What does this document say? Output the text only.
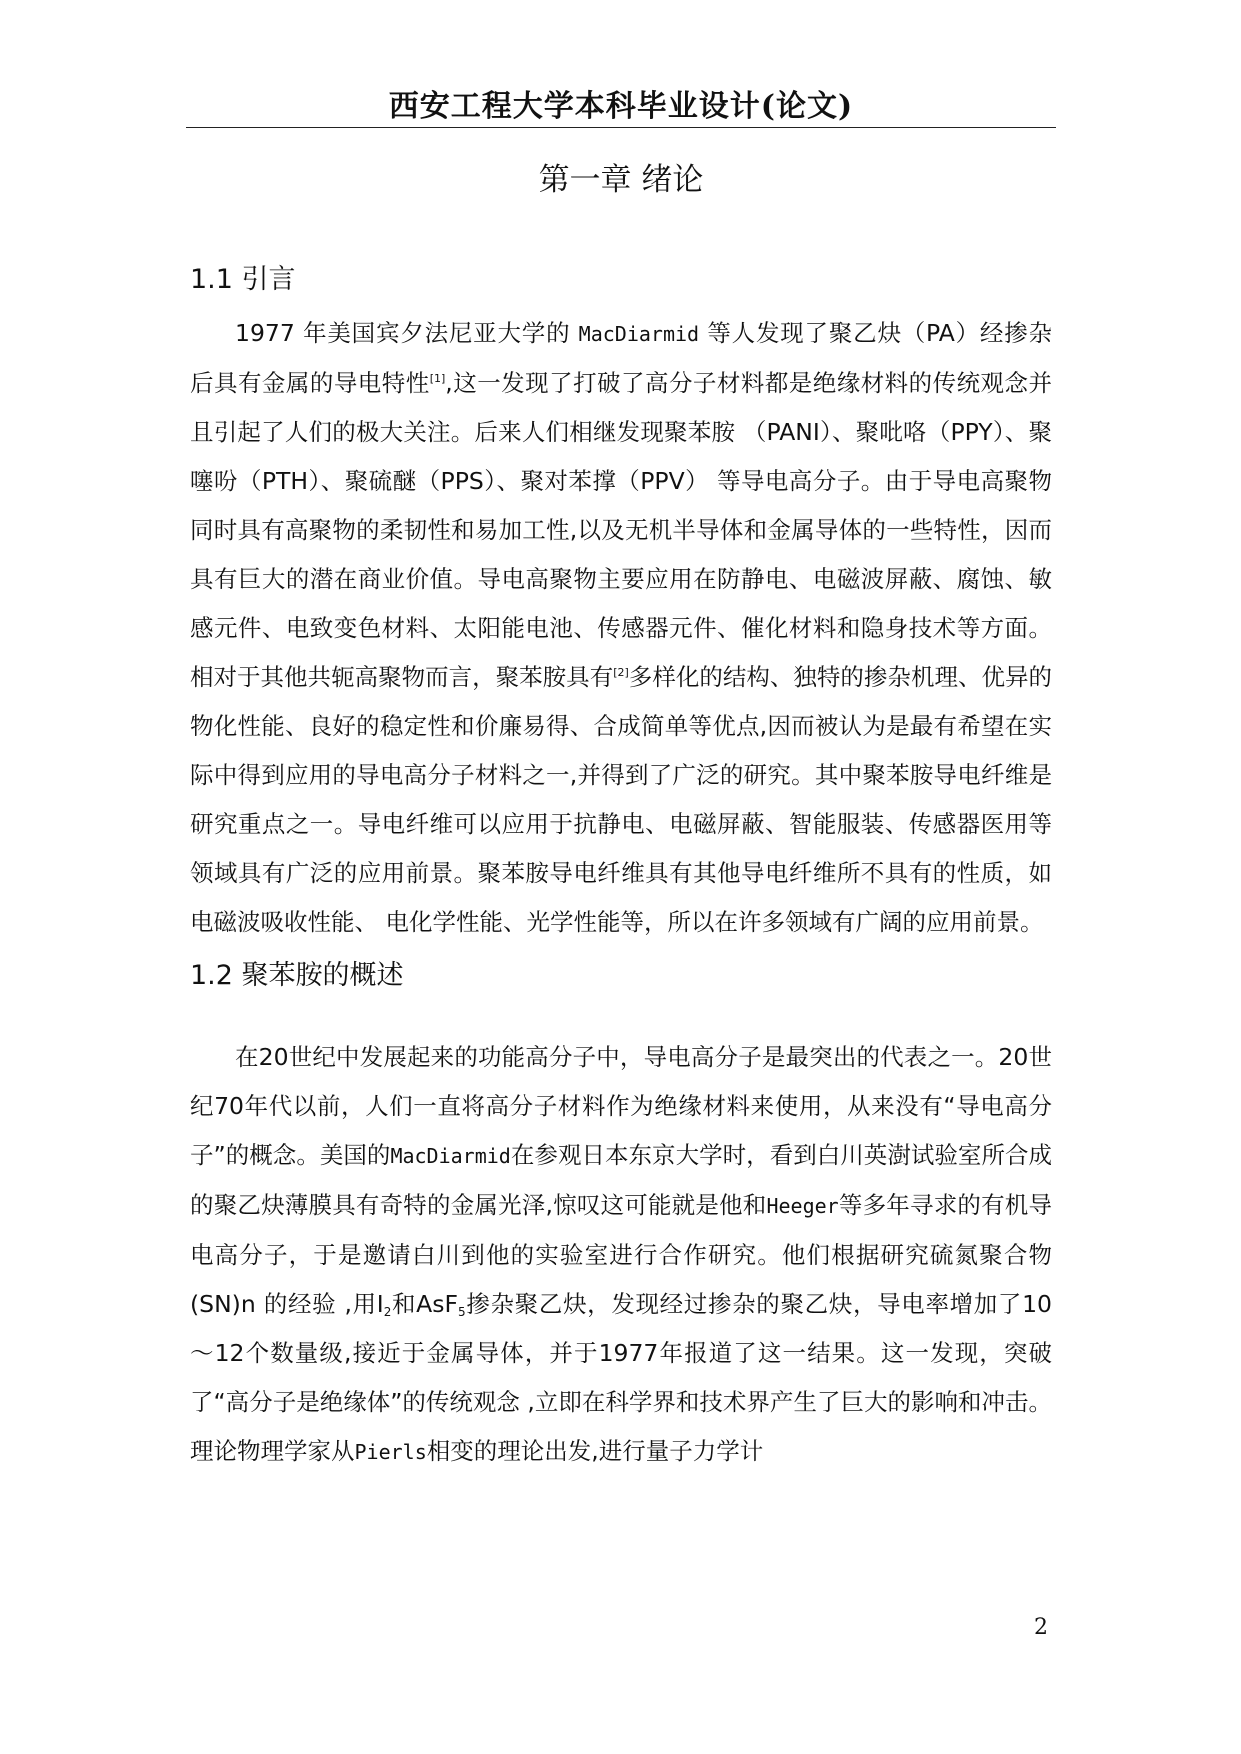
西安工程大学本科毕业设计(论文)
第一章 绪论
1.1 引言

1977 年美国宾夕法尼亚大学的 MacDiarmid 等人发现了聚乙炔（PA）经掺杂后具有金属的导电特性[1],这一发现了打破了高分子材料都是绝缘材料的传统观念并且引起了人们的极大关注。后来人们相继发现聚苯胺 （PANI）、聚吡咯（PPY）、聚噻吩（PTH）、聚硫醚（PPS）、聚对苯撑（PPV） 等导电高分子。由于导电高聚物同时具有高聚物的柔韧性和易加工性,以及无机半导体和金属导体的一些特性，因而具有巨大的潜在商业价值。导电高聚物主要应用在防静电、电磁波屏蔽、腐蚀、敏感元件、电致变色材料、太阳能电池、传感器元件、催化材料和隐身技术等方面。相对于其他共轭高聚物而言，聚苯胺具有[2]多样化的结构、独特的掺杂机理、优异的物化性能、良好的稳定性和价廉易得、合成简单等优点,因而被认为是最有希望在实际中得到应用的导电高分子材料之一,并得到了广泛的研究。其中聚苯胺导电纤维是研究重点之一。导电纤维可以应用于抗静电、电磁屏蔽、智能服装、传感器医用等领域具有广泛的应用前景。聚苯胺导电纤维具有其他导电纤维所不具有的性质，如电磁波吸收性能、 电化学性能、光学性能等，所以在许多领域有广阔的应用前景。

1.2 聚苯胺的概述

在20世纪中发展起来的功能高分子中，导电高分子是最突出的代表之一。20世纪70年代以前，人们一直将高分子材料作为绝缘材料来使用，从来没有“导电高分子”的概念。美国的MacDiarmid在参观日本东京大学时，看到白川英澍试验室所合成的聚乙炔薄膜具有奇特的金属光泽,惊叹这可能就是他和Heeger等多年寻求的有机导电高分子，于是邀请白川到他的实验室进行合作研究。他们根据研究硫氮聚合物(SN)n 的经验 ,用$I_2$和AsF$_5$掺杂聚乙炔，发现经过掺杂的聚乙炔，导电率增加了10～12个数量级,接近于金属导体，并于1977年报道了这一结果。这一发现，突破了“高分子是绝缘体”的传统观念 ,立即在科学界和技术界产生了巨大的影响和冲击。理论物理学家从Pierls相变的理论出发,进行量子力学计

2
